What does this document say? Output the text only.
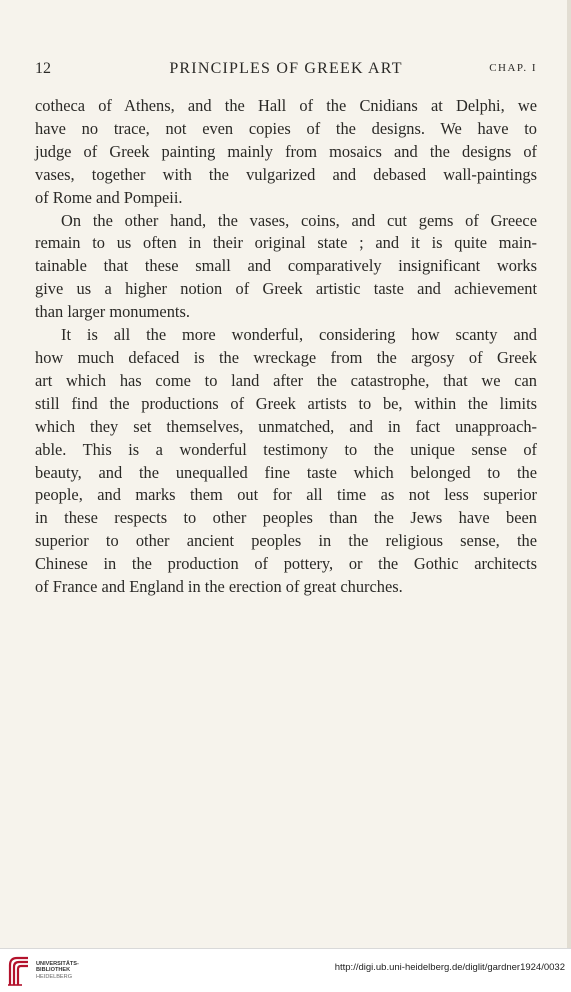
12	PRINCIPLES OF GREEK ART	CHAP. I

cotheca of Athens, and the Hall of the Cnidians at Delphi, we
have no trace, not even copies of the designs. We have to
judge of Greek painting mainly from mosaics and the designs of
vases, together with the vulgarized and debased wall-paintings
of Rome and Pompeii.

On the other hand, the vases, coins, and cut gems of Greece
remain to us often in their original state ; and it is quite main-
tainable that these small and comparatively insignificant works
give us a higher notion of Greek artistic taste and achievement
than larger monuments.

It is all the more wonderful, considering how scanty and
how much defaced is the wreckage from the argosy of Greek
art which has come to land after the catastrophe, that we can
still find the productions of Greek artists to be, within the limits
which they set themselves, unmatched, and in fact unapproach-
able. This is a wonderful testimony to the unique sense of
beauty, and the unequalled fine taste which belonged to the
people, and marks them out for all time as not less superior
in these respects to other peoples than the Jews have been
superior to other ancient peoples in the religious sense, the
Chinese in the production of pottery, or the Gothic architects
of France and England in the erection of great churches.

UNIVERSITÄTS-
BIBLIOTHEK
HEIDELBERG
http://digi.ub.uni-heidelberg.de/diglit/gardner1924/0032
